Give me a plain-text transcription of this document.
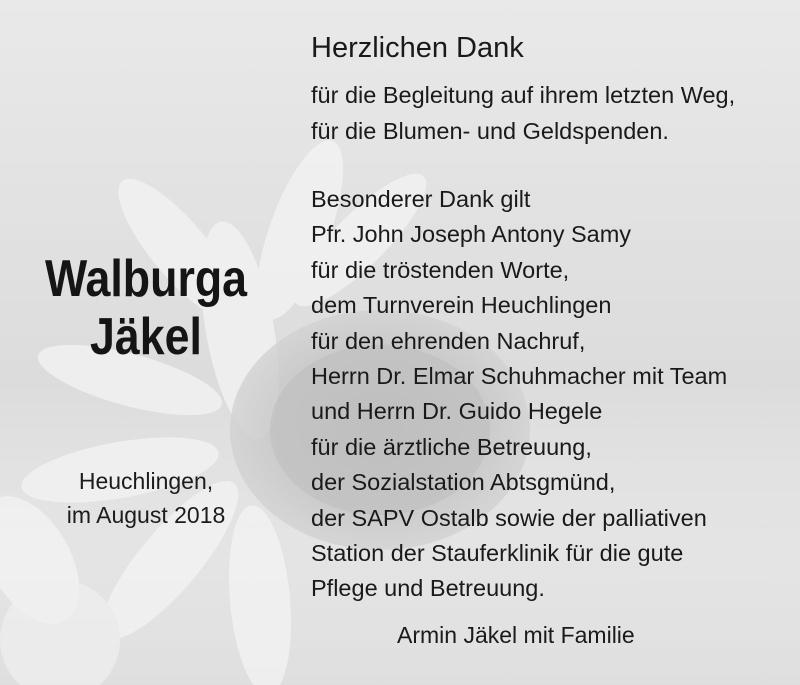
Herzlichen Dank
für die Begleitung auf ihrem letzten Weg,
für die Blumen- und Geldspenden.
Besonderer Dank gilt
Pfr. John Joseph Antony Samy
für die tröstenden Worte,
dem Turnverein Heuchlingen
für den ehrenden Nachruf,
Herrn Dr. Elmar Schuhmacher mit Team
und Herrn Dr. Guido Hegele
für die ärztliche Betreuung,
der Sozialstation Abtsgmünd,
der SAPV Ostalb sowie der palliativen
Station der Stauferklinik für die gute
Pflege und Betreuung.
Walburga
Jäkel
Heuchlingen,
im August 2018
Armin Jäkel mit Familie
